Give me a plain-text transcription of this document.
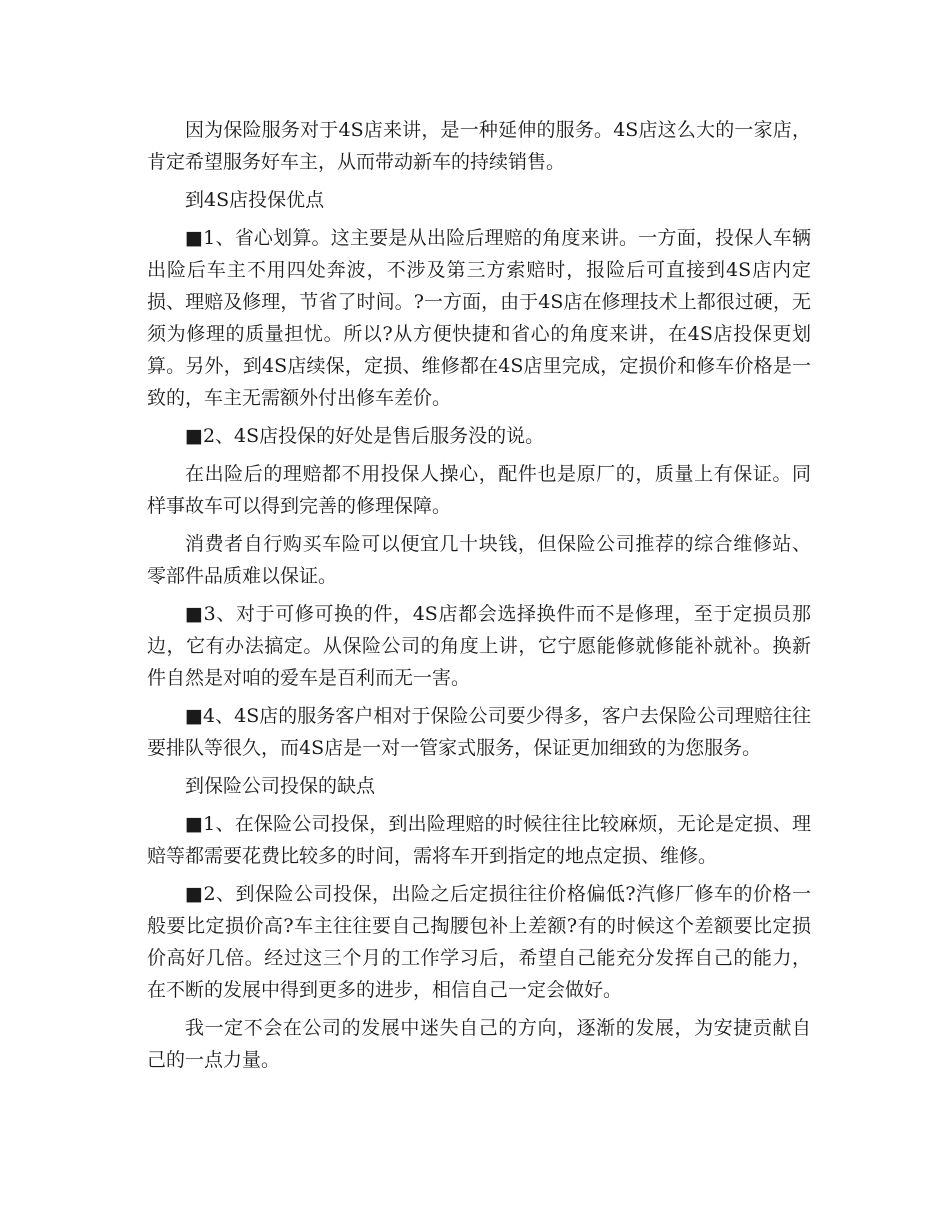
因为保险服务对于4S店来讲，是一种延伸的服务。4S店这么大的一家店，肯定希望服务好车主，从而带动新车的持续销售。

到4S店投保优点

■1、省心划算。这主要是从出险后理赔的角度来讲。一方面，投保人车辆出险后车主不用四处奔波，不涉及第三方索赔时，报险后可直接到4S店内定损、理赔及修理，节省了时间。?一方面，由于4S店在修理技术上都很过硬，无须为修理的质量担忧。所以?从方便快捷和省心的角度来讲，在4S店投保更划算。另外，到4S店续保，定损、维修都在4S店里完成，定损价和修车价格是一致的，车主无需额外付出修车差价。

■2、4S店投保的好处是售后服务没的说。

在出险后的理赔都不用投保人操心，配件也是原厂的，质量上有保证。同样事故车可以得到完善的修理保障。

消费者自行购买车险可以便宜几十块钱，但保险公司推荐的综合维修站、零部件品质难以保证。

■3、对于可修可换的件，4S店都会选择换件而不是修理，至于定损员那边，它有办法搞定。从保险公司的角度上讲，它宁愿能修就修能补就补。换新件自然是对咱的爱车是百利而无一害。

■4、4S店的服务客户相对于保险公司要少得多，客户去保险公司理赔往往要排队等很久，而4S店是一对一管家式服务，保证更加细致的为您服务。

到保险公司投保的缺点

■1、在保险公司投保，到出险理赔的时候往往比较麻烦，无论是定损、理赔等都需要花费比较多的时间，需将车开到指定的地点定损、维修。

■2、到保险公司投保，出险之后定损往往价格偏低?汽修厂修车的价格一般要比定损价高?车主往往要自己掏腰包补上差额?有的时候这个差额要比定损价高好几倍。经过这三个月的工作学习后，希望自己能充分发挥自己的能力，在不断的发展中得到更多的进步，相信自己一定会做好。

我一定不会在公司的发展中迷失自己的方向，逐渐的发展，为安捷贡献自己的一点力量。
